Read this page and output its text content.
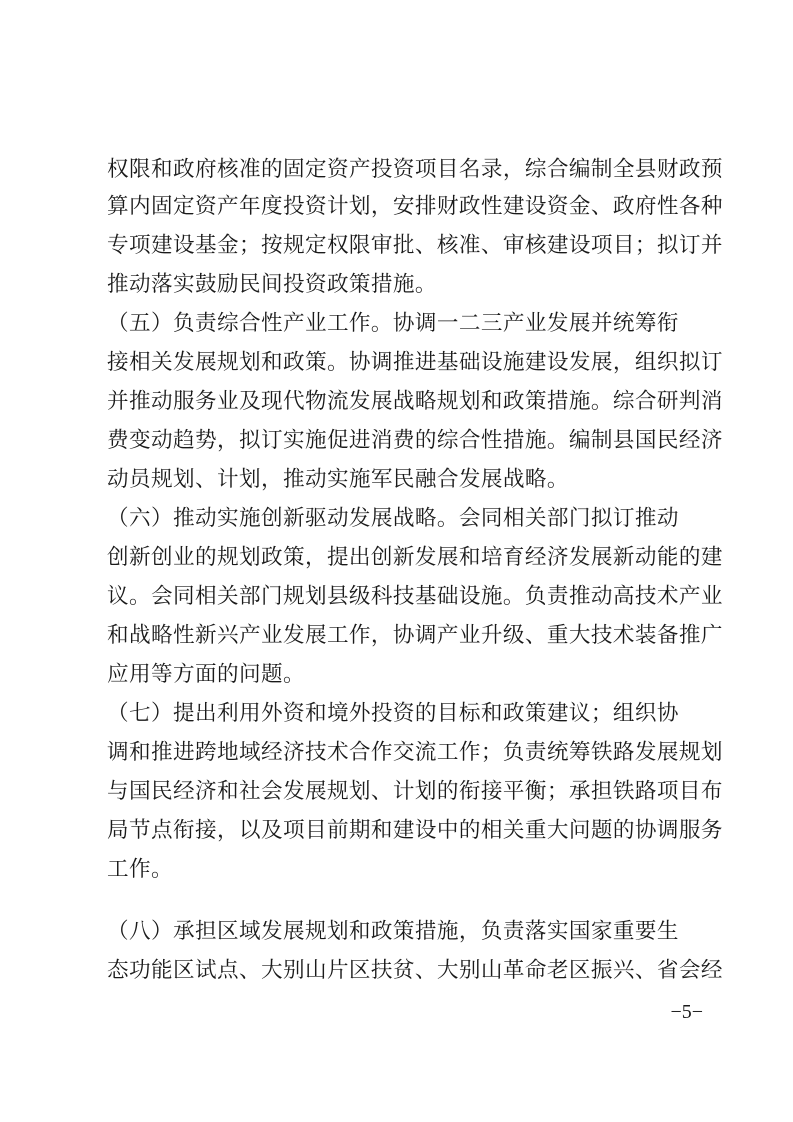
权限和政府核准的固定资产投资项目名录，综合编制全县财政预
算内固定资产年度投资计划，安排财政性建设资金、政府性各种
专项建设基金；按规定权限审批、核准、审核建设项目；拟订并
推动落实鼓励民间投资政策措施。
（五）负责综合性产业工作。协调一二三产业发展并统筹衔
接相关发展规划和政策。协调推进基础设施建设发展，组织拟订
并推动服务业及现代物流发展战略规划和政策措施。综合研判消
费变动趋势，拟订实施促进消费的综合性措施。编制县国民经济
动员规划、计划，推动实施军民融合发展战略。
（六）推动实施创新驱动发展战略。会同相关部门拟订推动
创新创业的规划政策，提出创新发展和培育经济发展新动能的建
议。会同相关部门规划县级科技基础设施。负责推动高技术产业
和战略性新兴产业发展工作，协调产业升级、重大技术装备推广
应用等方面的问题。
（七）提出利用外资和境外投资的目标和政策建议；组织协
调和推进跨地域经济技术合作交流工作；负责统筹铁路发展规划
与国民经济和社会发展规划、计划的衔接平衡；承担铁路项目布
局节点衔接，以及项目前期和建设中的相关重大问题的协调服务
工作。
（八）承担区域发展规划和政策措施，负责落实国家重要生
态功能区试点、大别山片区扶贫、大别山革命老区振兴、省会经
−5−
